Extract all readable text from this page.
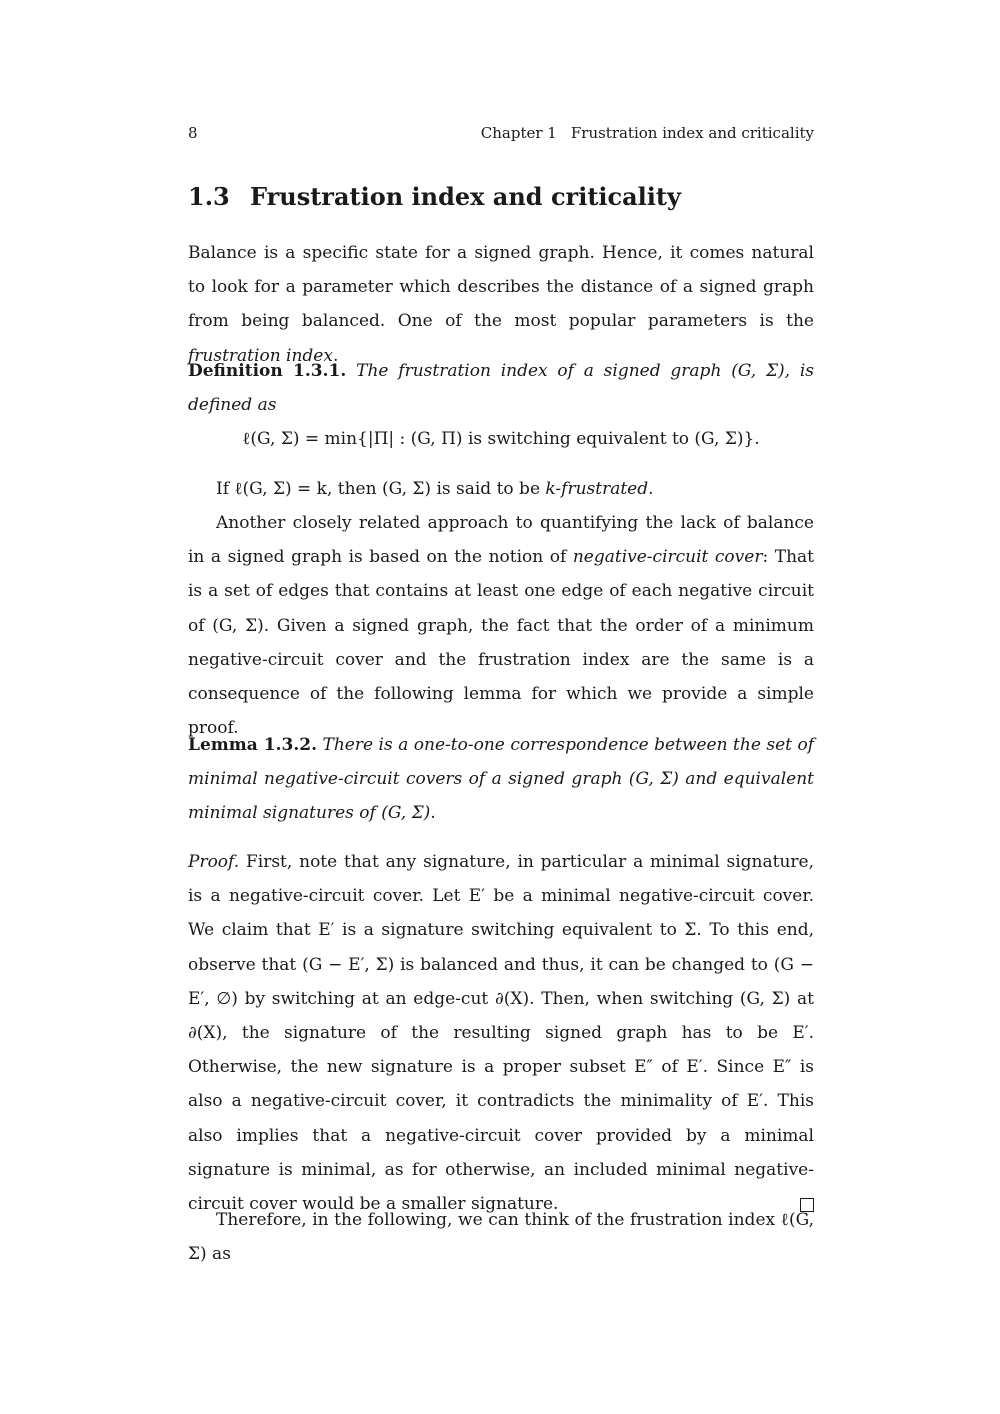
8	Chapter 1 Frustration index and criticality
1.3 Frustration index and criticality

Balance is a specific state for a signed graph. Hence, it comes natural to look for a parameter which describes the distance of a signed graph from being balanced. One of the most popular parameters is the frustration index.

Definition 1.3.1. The frustration index of a signed graph (G, Σ), is defined as

ℓ(G, Σ) = min{|Π| : (G, Π) is switching equivalent to (G, Σ)}.

If ℓ(G, Σ) = k, then (G, Σ) is said to be k-frustrated.

Another closely related approach to quantifying the lack of balance in a signed graph is based on the notion of negative-circuit cover: That is a set of edges that contains at least one edge of each negative circuit of (G, Σ). Given a signed graph, the fact that the order of a minimum negative-circuit cover and the frustration index are the same is a consequence of the following lemma for which we provide a simple proof.

Lemma 1.3.2. There is a one-to-one correspondence between the set of minimal negative-circuit covers of a signed graph (G, Σ) and equivalent minimal signatures of (G, Σ).

Proof. First, note that any signature, in particular a minimal signature, is a negative-circuit cover. Let E′ be a minimal negative-circuit cover. We claim that E′ is a signature switching equivalent to Σ. To this end, observe that (G − E′, Σ) is balanced and thus, it can be changed to (G − E′, ∅) by switching at an edge-cut ∂(X). Then, when switching (G, Σ) at ∂(X), the signature of the resulting signed graph has to be E′. Otherwise, the new signature is a proper subset E″ of E′. Since E″ is also a negative-circuit cover, it contradicts the minimality of E′. This also implies that a negative-circuit cover provided by a minimal signature is minimal, as for otherwise, an included minimal negative-circuit cover would be a smaller signature.

Therefore, in the following, we can think of the frustration index ℓ(G, Σ) as
